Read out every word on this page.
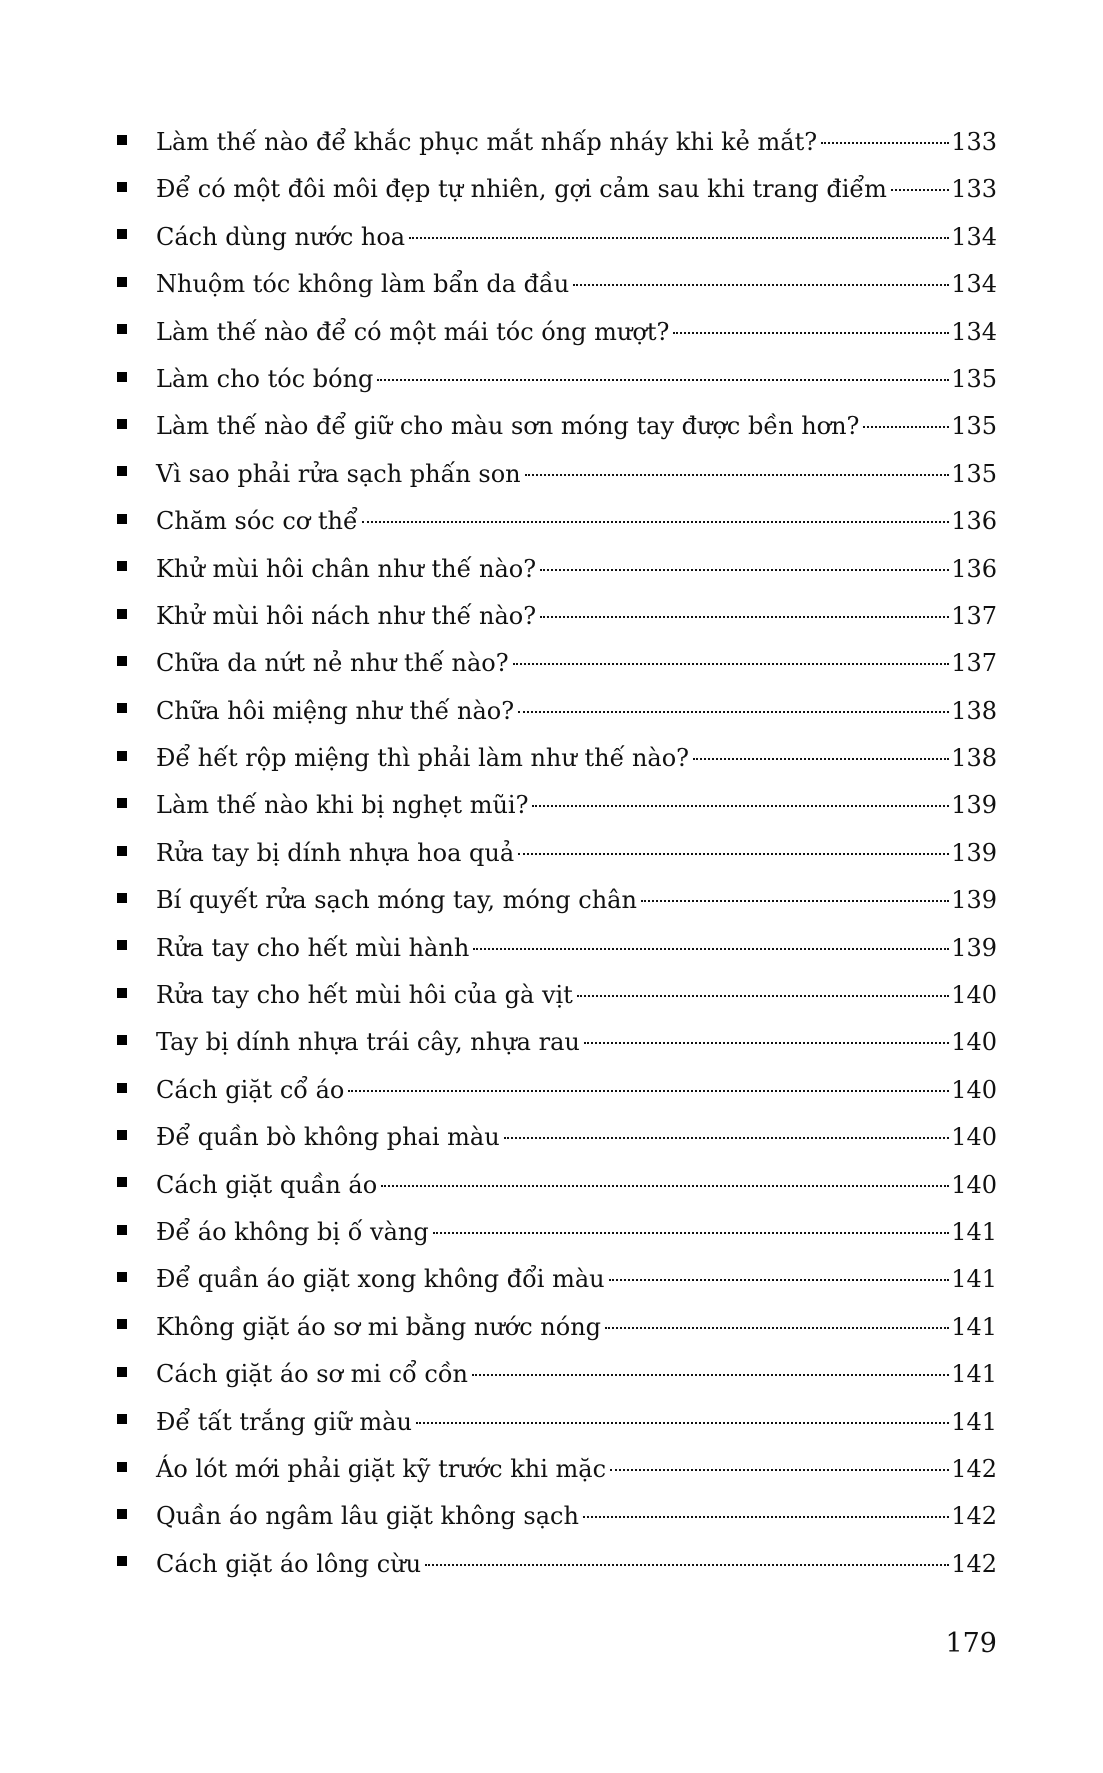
Làm thế nào để khắc phục mắt nhấp nháy khi kẻ mắt?	133
Để có một đôi môi đẹp tự nhiên, gợi cảm sau khi trang điểm	133
Cách dùng nước hoa	134
Nhuộm tóc không làm bẩn da đầu	134
Làm thế nào để có một mái tóc óng mượt?	134
Làm cho tóc bóng	135
Làm thế nào để giữ cho màu sơn móng tay được bền hơn?	135
Vì sao phải rửa sạch phấn son	135
Chăm sóc cơ thể	136
Khử mùi hôi chân như thế nào?	136
Khử mùi hôi nách như thế nào?	137
Chữa da nứt nẻ như thế nào?	137
Chữa hôi miệng như thế nào?	138
Để hết rộp miệng thì phải làm như thế nào?	138
Làm thế nào khi bị nghẹt mũi?	139
Rửa tay bị dính nhựa hoa quả	139
Bí quyết rửa sạch móng tay, móng chân	139
Rửa tay cho hết mùi hành	139
Rửa tay cho hết mùi hôi của gà vịt	140
Tay bị dính nhựa trái cây, nhựa rau	140
Cách giặt cổ áo	140
Để quần bò không phai màu	140
Cách giặt quần áo	140
Để áo không bị ố vàng	141
Để quần áo giặt xong không đổi màu	141
Không giặt áo sơ mi bằng nước nóng	141
Cách giặt áo sơ mi cổ cồn	141
Để tất trắng giữ màu	141
Áo lót mới phải giặt kỹ trước khi mặc	142
Quần áo ngâm lâu giặt không sạch	142
Cách giặt áo lông cừu	142
179
